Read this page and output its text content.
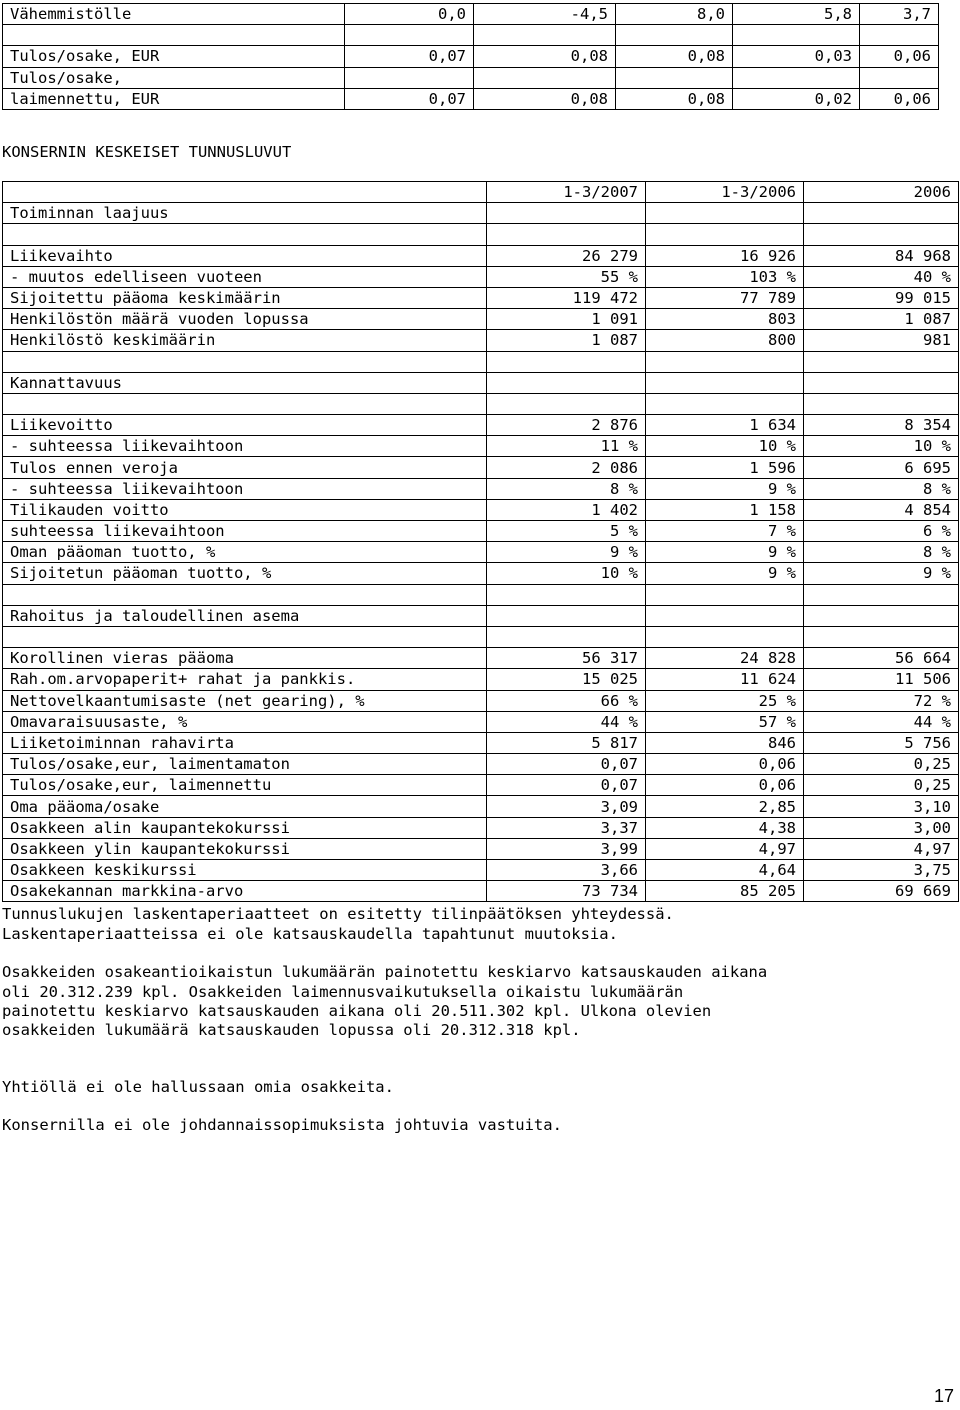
Vähemmistölle	0,0	-4,5	8,0	5,8	3,7

Tulos/osake, EUR	0,07	0,08	0,08	0,03	0,06
Tulos/osake,					
laimennettu, EUR	0,07	0,08	0,08	0,02	0,06
KONSERNIN KESKEISET TUNNUSLUVUT
	1-3/2007	1-3/2006	2006
Toiminnan laajuus			

Liikevaihto	26 279	16 926	84 968
- muutos edelliseen vuoteen	55 %	103 %	40 %
Sijoitettu pääoma keskimäärin	119 472	77 789	99 015
Henkilöstön määrä vuoden lopussa	1 091	803	1 087
Henkilöstö keskimäärin	1 087	800	981

Kannattavuus			

Liikevoitto	2 876	1 634	8 354
- suhteessa liikevaihtoon	11 %	10 %	10 %
Tulos ennen veroja	2 086	1 596	6 695
- suhteessa liikevaihtoon	8 %	9 %	8 %
Tilikauden voitto	1 402	1 158	4 854
suhteessa liikevaihtoon	5 %	7 %	6 %
Oman pääoman tuotto, %	9 %	9 %	8 %
Sijoitetun pääoman tuotto, %	10 %	9 %	9 %

Rahoitus ja taloudellinen asema			

Korollinen vieras pääoma	56 317	24 828	56 664
Rah.om.arvopaperit+ rahat ja pankkis.	15 025	11 624	11 506
Nettovelkaantumisaste (net gearing), %	66 %	25 %	72 %
Omavaraisuusaste, %	44 %	57 %	44 %
Liiketoiminnan rahavirta	5 817	846	5 756
Tulos/osake,eur, laimentamaton	0,07	0,06	0,25
Tulos/osake,eur, laimennettu	0,07	0,06	0,25
Oma pääoma/osake	3,09	2,85	3,10
Osakkeen alin kaupantekokurssi	3,37	4,38	3,00
Osakkeen ylin kaupantekokurssi	3,99	4,97	4,97
Osakkeen keskikurssi	3,66	4,64	3,75
Osakekannan markkina-arvo	73 734	85 205	69 669
Tunnuslukujen laskentaperiaatteet on esitetty tilinpäätöksen yhteydessä.
Laskentaperiaatteissa ei ole katsauskaudella tapahtunut muutoksia.
Osakkeiden osakeantioikaistun lukumäärän painotettu keskiarvo katsauskauden aikana
oli 20.312.239 kpl. Osakkeiden laimennusvaikutuksella oikaistu lukumäärän
painotettu keskiarvo katsauskauden aikana oli 20.511.302 kpl. Ulkona olevien
osakkeiden lukumäärä katsauskauden lopussa oli 20.312.318 kpl.
Yhtiöllä ei ole hallussaan omia osakkeita.
Konsernilla ei ole johdannaissopimuksista johtuvia vastuita.
17
